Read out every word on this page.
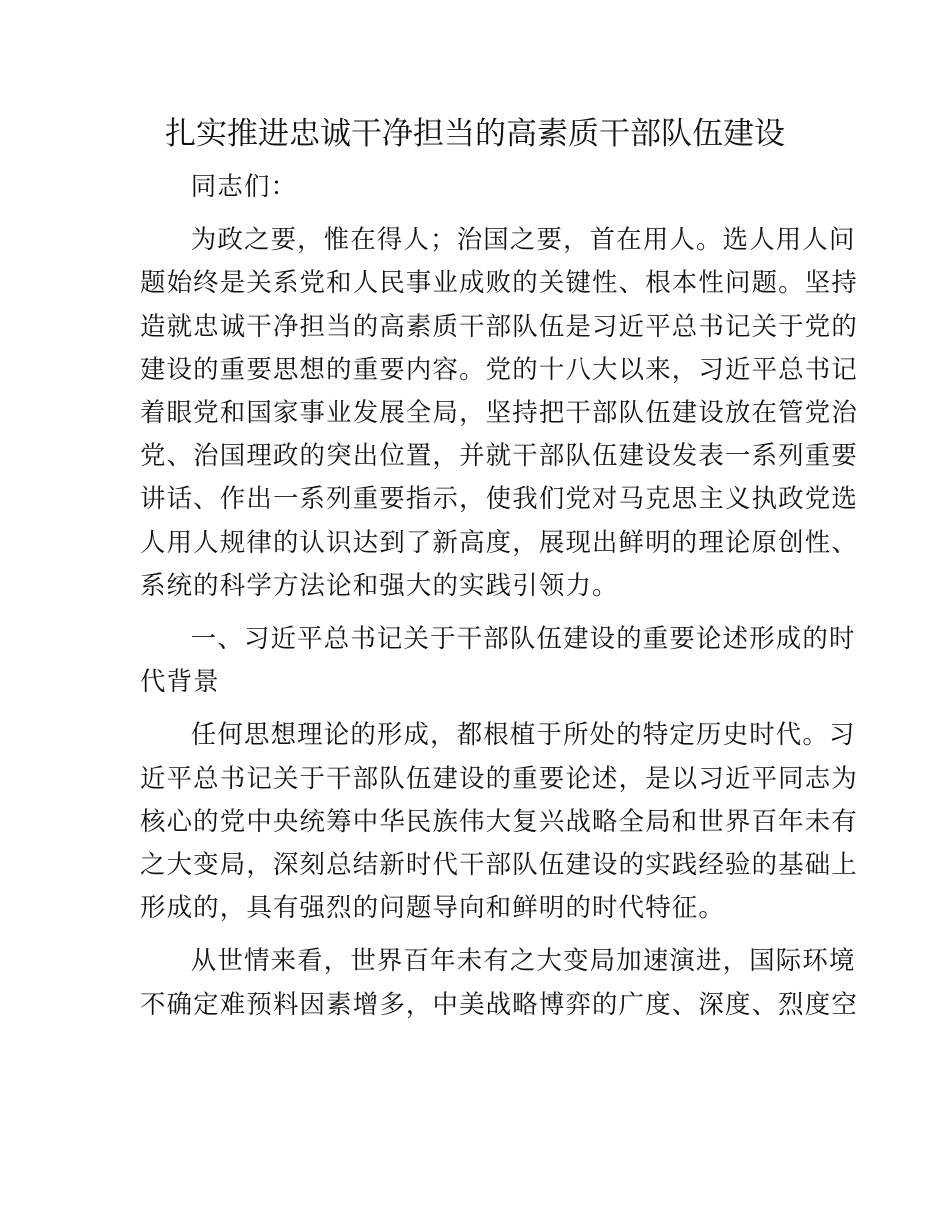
扎实推进忠诚干净担当的高素质干部队伍建设

同志们：

为政之要，惟在得人；治国之要，首在用人。选人用人问
题始终是关系党和人民事业成败的关键性、根本性问题。坚持
造就忠诚干净担当的高素质干部队伍是习近平总书记关于党的
建设的重要思想的重要内容。党的十八大以来，习近平总书记
着眼党和国家事业发展全局，坚持把干部队伍建设放在管党治
党、治国理政的突出位置，并就干部队伍建设发表一系列重要
讲话、作出一系列重要指示，使我们党对马克思主义执政党选
人用人规律的认识达到了新高度，展现出鲜明的理论原创性、
系统的科学方法论和强大的实践引领力。

一、习近平总书记关于干部队伍建设的重要论述形成的时
代背景

任何思想理论的形成，都根植于所处的特定历史时代。习
近平总书记关于干部队伍建设的重要论述，是以习近平同志为
核心的党中央统筹中华民族伟大复兴战略全局和世界百年未有
之大变局，深刻总结新时代干部队伍建设的实践经验的基础上
形成的，具有强烈的问题导向和鲜明的时代特征。

从世情来看，世界百年未有之大变局加速演进，国际环境
不确定难预料因素增多，中美战略博弈的广度、深度、烈度空
